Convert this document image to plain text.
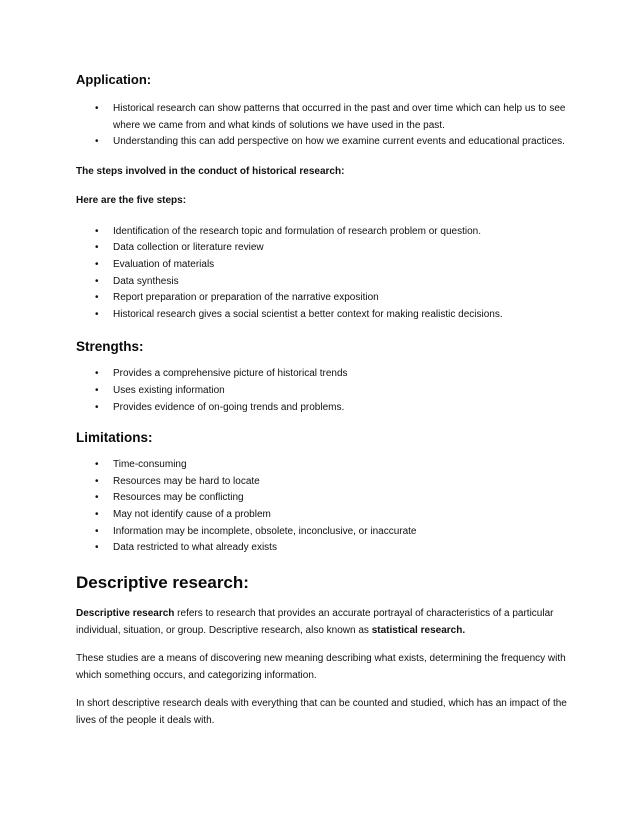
Application:
• Historical research can show patterns that occurred in the past and over time which can help us to see where we came from and what kinds of solutions we have used in the past.
• Understanding this can add perspective on how we examine current events and educational practices.

The steps involved in the conduct of historical research:

Here are the five steps:

• Identification of the research topic and formulation of research problem or question.
• Data collection or literature review
• Evaluation of materials
• Data synthesis
• Report preparation or preparation of the narrative exposition
• Historical research gives a social scientist a better context for making realistic decisions.
Strengths:
• Provides a comprehensive picture of historical trends
• Uses existing information
• Provides evidence of on-going trends and problems.
Limitations:
• Time-consuming
• Resources may be hard to locate
• Resources may be conflicting
• May not identify cause of a problem
• Information may be incomplete, obsolete, inconclusive, or inaccurate
• Data restricted to what already exists
Descriptive research:

Descriptive research refers to research that provides an accurate portrayal of characteristics of a particular individual, situation, or group. Descriptive research, also known as statistical research.

These studies are a means of discovering new meaning describing what exists, determining the frequency with which something occurs, and categorizing information.

In short descriptive research deals with everything that can be counted and studied, which has an impact of the lives of the people it deals with.
